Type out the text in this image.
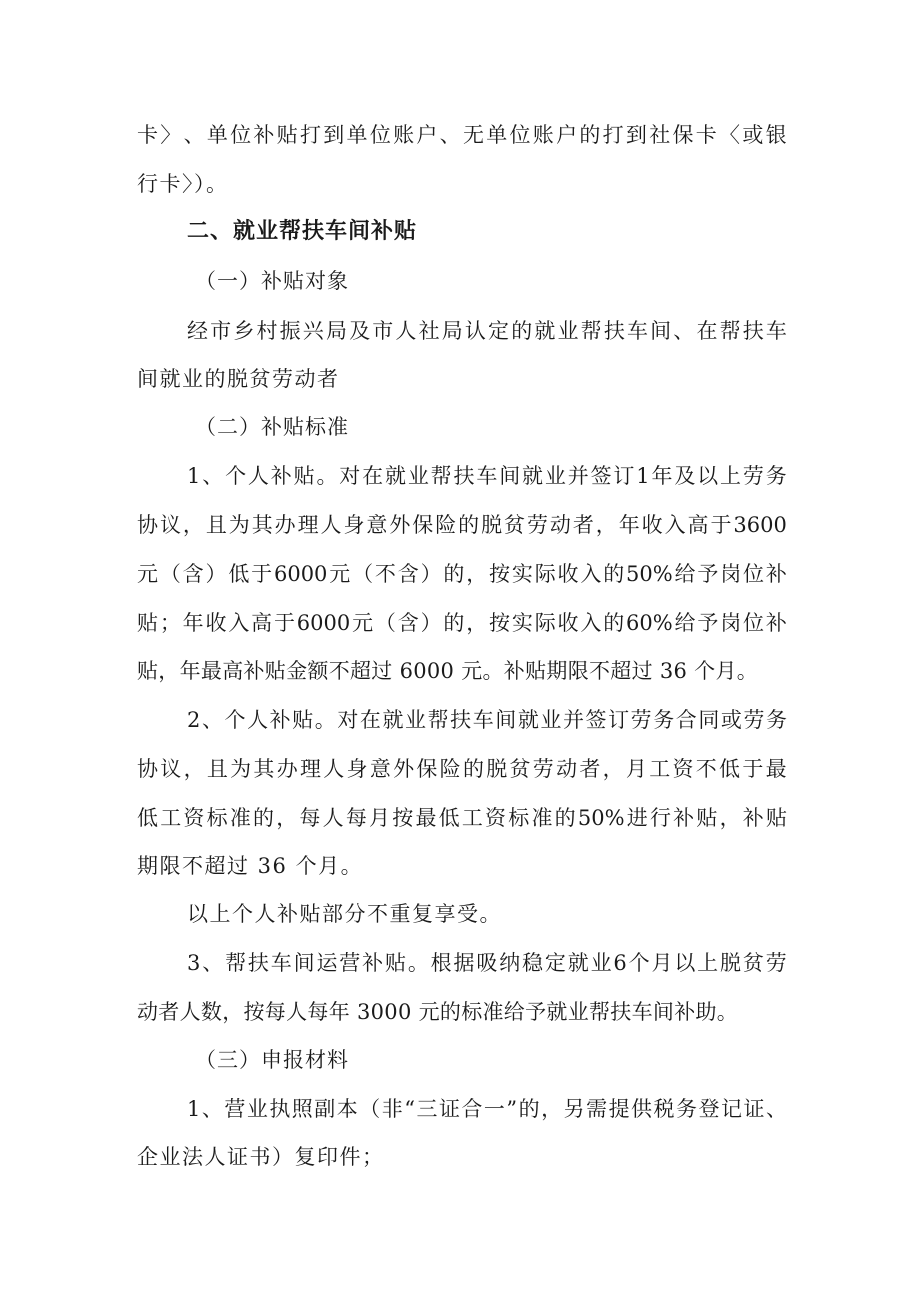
卡 〉 、 单 位 补 贴 打 到 单 位 账 户 、 无 单 位 账 户 的 打 到 社 保 卡 〈 或 银
行卡〉）。
二、就业帮扶车间补贴
（一）补贴对象
经 市 乡 村 振 兴 局 及 市 人 社 局 认 定 的 就 业 帮 扶 车 间 、 在 帮 扶 车
间就业的脱贫劳动者
（二）补贴标准
1 、 个 人 补 贴 。 对 在 就 业 帮 扶 车 间 就 业 并 签 订 1 年 及 以 上 劳 务
协 议 ， 且 为 其 办 理 人 身 意 外 保 险 的 脱 贫 劳 动 者 ， 年 收 入 高 于 3600
元 （ 含 ） 低 于 6000 元 （ 不 含 ） 的 ， 按 实 际 收 入 的 50% 给 予 岗 位 补
贴 ； 年 收 入 高 于 6000 元 （ 含 ） 的 ， 按 实 际 收 入 的 60% 给 予 岗 位 补
贴，年最高补贴金额不超过 6000 元。补贴期限不超过 36 个月。
2 、 个 人 补 贴 。 对 在 就 业 帮 扶 车 间 就 业 并 签 订 劳 务 合 同 或 劳 务
协 议 ， 且 为 其 办 理 人 身 意 外 保 险 的 脱 贫 劳 动 者 ， 月 工 资 不 低 于 最
低 工 资 标 准 的 ， 每 人 每 月 按 最 低 工 资 标 准 的 50% 进 行 补 贴 ， 补 贴
期限不超过 36 个月。
以上个人补贴部分不重复享受。
3 、 帮 扶 车 间 运 营 补 贴 。 根 据 吸 纳 稳 定 就 业 6 个 月 以 上 脱 贫 劳
动者人数，按每人每年 3000 元的标准给予就业帮扶车间补助。
（三）申报材料
1 、 营 业 执 照 副 本 （ 非 “ 三 证 合 一 ” 的 ， 另 需 提 供 税 务 登 记 证 、
企业法人证书）复印件；
